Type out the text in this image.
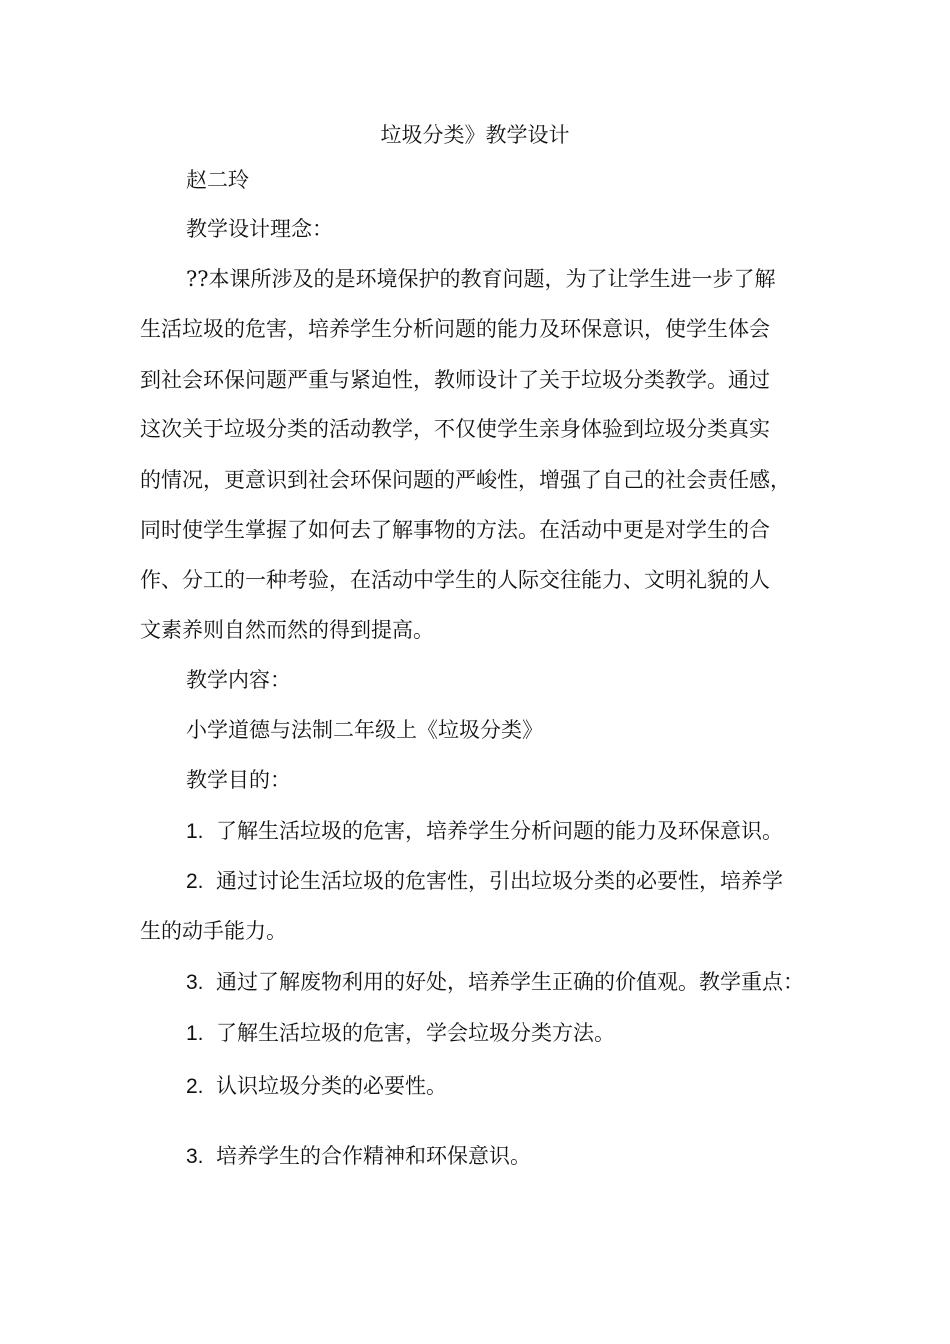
垃圾分类》教学设计
赵二玲
教学设计理念：
??本课所涉及的是环境保护的教育问题，为了让学生进一步了解
生活垃圾的危害，培养学生分析问题的能力及环保意识，使学生体会
到社会环保问题严重与紧迫性，教师设计了关于垃圾分类教学。通过
这次关于垃圾分类的活动教学，不仅使学生亲身体验到垃圾分类真实
的情况，更意识到社会环保问题的严峻性，增强了自己的社会责任感，
同时使学生掌握了如何去了解事物的方法。在活动中更是对学生的合
作、分工的一种考验，在活动中学生的人际交往能力、文明礼貌的人
文素养则自然而然的得到提高。
教学内容：
小学道德与法制二年级上《垃圾分类》
教学目的：
1. 了解生活垃圾的危害，培养学生分析问题的能力及环保意识。
2. 通过讨论生活垃圾的危害性，引出垃圾分类的必要性，培养学
生的动手能力。
3. 通过了解废物利用的好处，培养学生正确的价值观。教学重点：
1. 了解生活垃圾的危害，学会垃圾分类方法。
2. 认识垃圾分类的必要性。
3. 培养学生的合作精神和环保意识。
